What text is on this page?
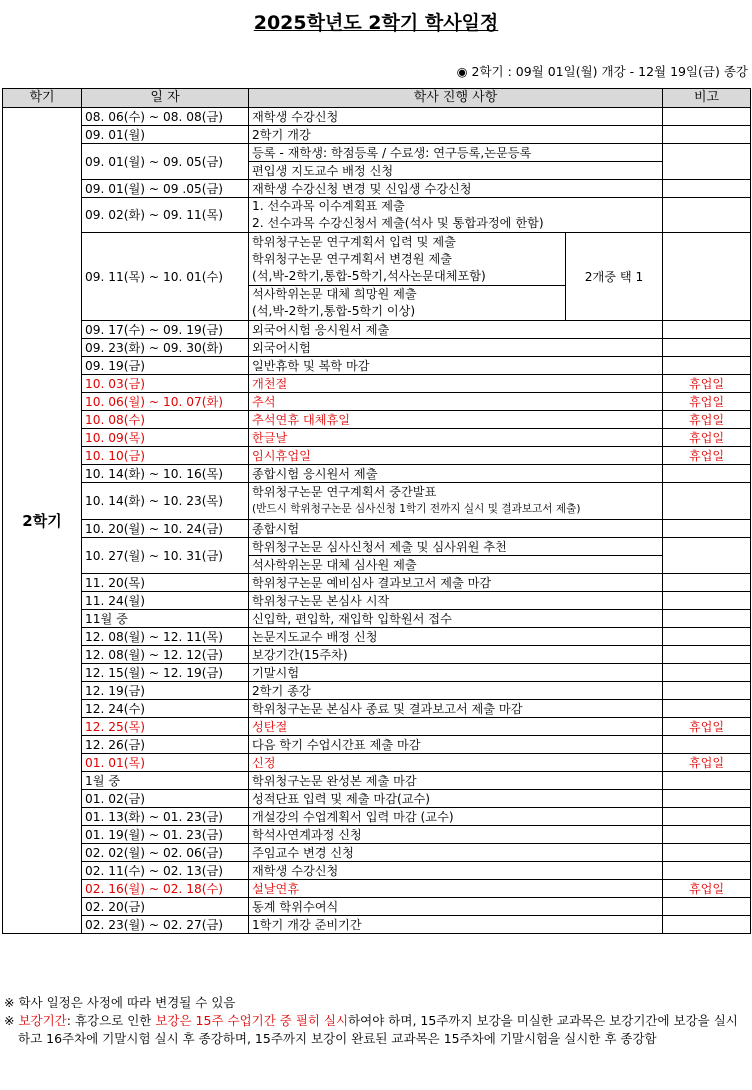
2025학년도 2학기 학사일정
◉ 2학기 : 09월 01일(월) 개강 - 12월 19일(금) 종강
학기	일 자	학사 진행 사항		비고
2학기	08. 06(수) ~ 08. 08(금)	재학생 수강신청		
	09. 01(월)	2학기 개강		
	09. 01(월) ~ 09. 05(금)	등록 - 재학생: 학점등록 / 수료생: 연구등록,논문등록		
		편입생 지도교수 배정 신청		
	09. 01(월) ~ 09 .05(금)	재학생 수강신청 변경 및 신입생 수강신청		
	09. 02(화) ~ 09. 11(목)	1. 선수과목 이수계획표 제출
2. 선수과목 수강신청서 제출(석사 및 통합과정에 한함)		

	09. 11(목) ~ 10. 01(수)	학위청구논문 연구계획서 입력 및 제출
학위청구논문 연구계획서 변경원 제출
(석,박-2학기,통합-5학기,석사논문대체포함)	2개중 택 1	

		석사학위논문 대체 희망원 제출
(석,박-2학기,통합-5학기 이상)		

	09. 17(수) ~ 09. 19(금)	외국어시험 응시원서 제출		
	09. 23(화) ~ 09. 30(화)	외국어시험		
	09. 19(금)	일반휴학 및 복학 마감		
	10. 03(금)	개천절		휴업일
	10. 06(월) ~ 10. 07(화)	추석		휴업일
	10. 08(수)	추석연휴 대체휴일		휴업일
	10. 09(목)	한글날		휴업일
	10. 10(금)	임시휴업일		휴업일
	10. 14(화) ~ 10. 16(목)	종합시험 응시원서 제출		
	10. 14(화) ~ 10. 23(목)	학위청구논문 연구계획서 중간발표
(반드시 학위청구논문 심사신청 1학기 전까지 실시 및 결과보고서 제출)		

	10. 20(월) ~ 10. 24(금)	종합시험		
	10. 27(월) ~ 10. 31(금)	학위청구논문 심사신청서 제출 및 심사위원 추천		
		석사학위논문 대체 심사원 제출		
	11. 20(목)	학위청구논문 예비심사 결과보고서 제출 마감		
	11. 24(월)	학위청구논문 본심사 시작		
	11월 중	신입학, 편입학, 재입학 입학원서 접수		
	12. 08(월) ~ 12. 11(목)	논문지도교수 배정 신청		
	12. 08(월) ~ 12. 12(금)	보강기간(15주차)		
	12. 15(월) ~ 12. 19(금)	기말시험		
	12. 19(금)	2학기 종강		
	12. 24(수)	학위청구논문 본심사 종료 및 결과보고서 제출 마감		
	12. 25(목)	성탄절		휴업일
	12. 26(금)	다음 학기 수업시간표 제출 마감		
	01. 01(목)	신정		휴업일
	1월 중	학위청구논문 완성본 제출 마감		
	01. 02(금)	성적단표 입력 및 제출 마감(교수)		
	01. 13(화) ~ 01. 23(금)	개설강의 수업계획서 입력 마감 (교수)		
	01. 19(월) ~ 01. 23(금)	학석사연계과정 신청		
	02. 02(월) ~ 02. 06(금)	주임교수 변경 신청		
	02. 11(수) ~ 02. 13(금)	재학생 수강신청		
	02. 16(월) ~ 02. 18(수)	설날연휴		휴업일
	02. 20(금)	동계 학위수여식		
	02. 23(월) ~ 02. 27(금)	1학기 개강 준비기간		
※ 학사 일정은 사정에 따라 변경될 수 있음
※ 보강기간: 휴강으로 인한 보강은 15주 수업기간 중 필히 실시하여야 하며, 15주까지 보강을 미실한 교과목은 보강기간에 보강을 실시하고 16주차에 기말시험 실시 후 종강하며, 15주까지 보강이 완료된 교과목은 15주차에 기말시험을 실시한 후 종강함
